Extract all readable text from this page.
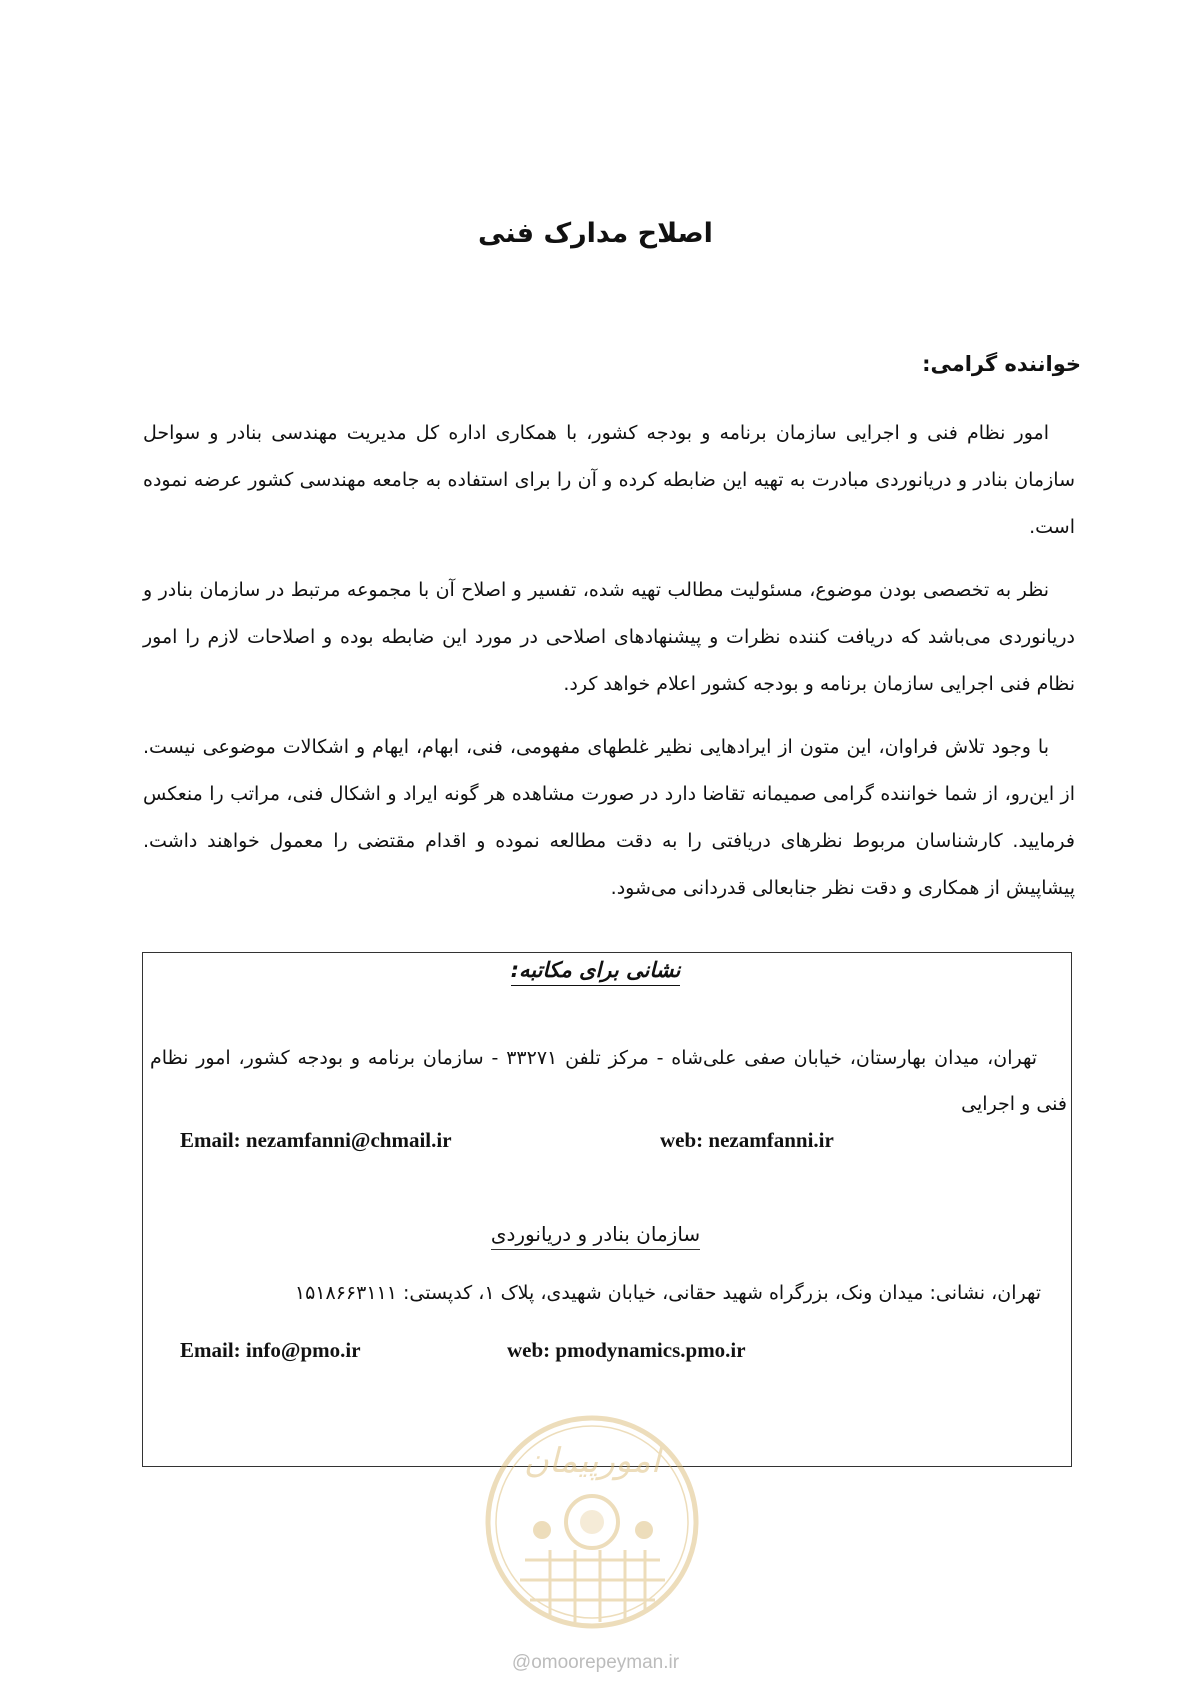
اصلاح مدارک فنی
خواننده گرامی:

امور نظام فنی و اجرایی سازمان برنامه و بودجه کشور، با همکاری اداره کل مدیریت مهندسی بنادر و سواحل سازمان بنادر و دریانوردی مبادرت به تهیه این ضابطه کرده و آن را برای استفاده به جامعه مهندسی کشور عرضه نموده است.

نظر به تخصصی بودن موضوع، مسئولیت مطالب تهیه شده، تفسیر و اصلاح آن با مجموعه مرتبط در سازمان بنادر و دریانوردی می‌باشد که دریافت کننده نظرات و پیشنهادهای اصلاحی در مورد این ضابطه بوده و اصلاحات لازم را امور نظام فنی اجرایی سازمان برنامه و بودجه کشور اعلام خواهد کرد.

با وجود تلاش فراوان، این متون از ایرادهایی نظیر غلطهای مفهومی، فنی، ابهام، ایهام و اشکالات موضوعی نیست. از این‌رو، از شما خواننده گرامی صمیمانه تقاضا دارد در صورت مشاهده هر گونه ایراد و اشکال فنی، مراتب را منعکس فرمایید. کارشناسان مربوط نظرهای دریافتی را به دقت مطالعه نموده و اقدام مقتضی را معمول خواهند داشت. پیشاپیش از همکاری و دقت نظر جنابعالی قدردانی می‌شود.

نشانی برای مکاتبه:

تهران، میدان بهارستان، خیابان صفی علی‌شاه - مرکز تلفن ۳۳۲۷۱ - سازمان برنامه و بودجه کشور، امور نظام فنی و اجرایی

Email: nezamfanni@chmail.ir	web: nezamfanni.ir
سازمان بنادر و دریانوردی
تهران، نشانی: میدان ونک، بزرگراه شهید حقانی، خیابان شهیدی، پلاک ۱، کدپستی: ۱۵۱۸۶۶۳۱۱۱
Email: info@pmo.ir	web: pmodynamics.pmo.ir
امورپیمان
@omoorepeyman.ir
